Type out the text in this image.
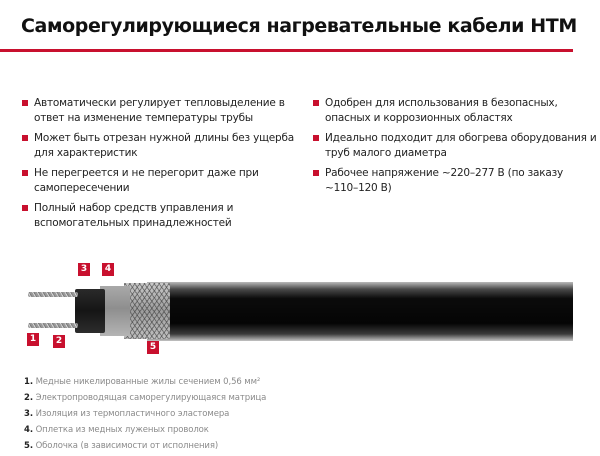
Саморегулирующиеся нагревательные кабели HTM
Автоматически регулирует тепловыделение в ответ на изменение температуры трубы
Может быть отрезан нужной длины без ущерба для характеристик
Не перегреется и не перегорит даже при самопересечении
Полный набор средств управления и вспомогательных принадлежностей
Одобрен для использования в безопасных, опасных и коррозионных областях
Идеально подходит для обогрева оборудования и труб малого диаметра
Рабочее напряжение ~220–277 В (по заказу ~110–120 В)
1	2
3	4
5
1. Медные никелированные жилы сечением 0,56 мм²
2. Электропроводящая саморегулирующаяся матрица
3. Изоляция из термопластичного эластомера
4. Оплетка из медных луженых проволок
5. Оболочка (в зависимости от исполнения)
